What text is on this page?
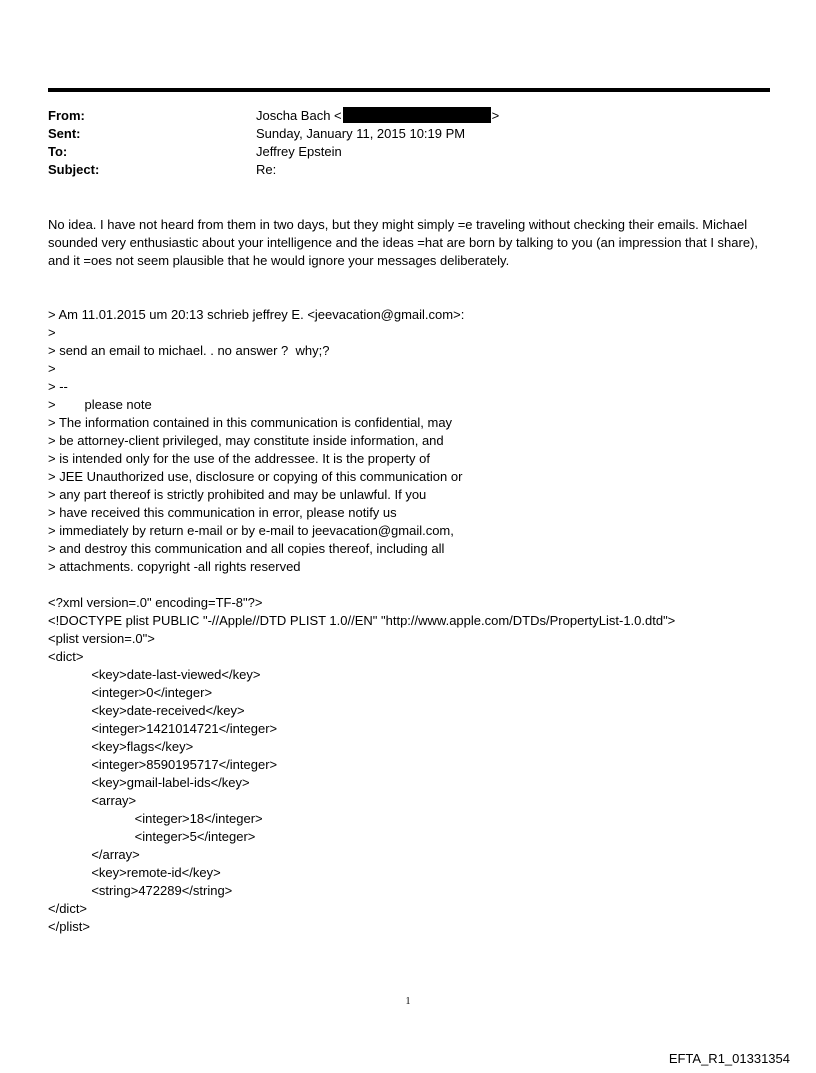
From:	Joscha Bach <	>
Sent:	Sunday, January 11, 2015 10:19 PM
To:	Jeffrey Epstein
Subject:	Re:

No idea. I have not heard from them in two days, but they might simply =e traveling without checking their emails. Michael sounded very enthusiastic about your intelligence and the ideas =hat are born by talking to you (an impression that I share), and it =oes not seem plausible that he would ignore your messages deliberately.

> Am 11.01.2015 um 20:13 schrieb jeffrey E. <jeevacation@gmail.com>:
>
> send an email to michael. . no answer ?  why;?
>
> --
>        please note
> The information contained in this communication is confidential, may
> be attorney-client privileged, may constitute inside information, and
> is intended only for the use of the addressee. It is the property of
> JEE Unauthorized use, disclosure or copying of this communication or
> any part thereof is strictly prohibited and may be unlawful. If you
> have received this communication in error, please notify us
> immediately by return e-mail or by e-mail to jeevacation@gmail.com,
> and destroy this communication and all copies thereof, including all
> attachments. copyright -all rights reserved
<?xml version=.0" encoding=TF-8"?>
<!DOCTYPE plist PUBLIC "-//Apple//DTD PLIST 1.0//EN" "http://www.apple.com/DTDs/PropertyList-1.0.dtd">
<plist version=.0">
<dict>
<key>date-last-viewed</key>
<integer>0</integer>
<key>date-received</key>
<integer>1421014721</integer>
<key>flags</key>
<integer>8590195717</integer>
<key>gmail-label-ids</key>
<array>
<integer>18</integer>
<integer>5</integer>
</array>
<key>remote-id</key>
<string>472289</string>
</dict>
</plist>
1
EFTA_R1_01331354
